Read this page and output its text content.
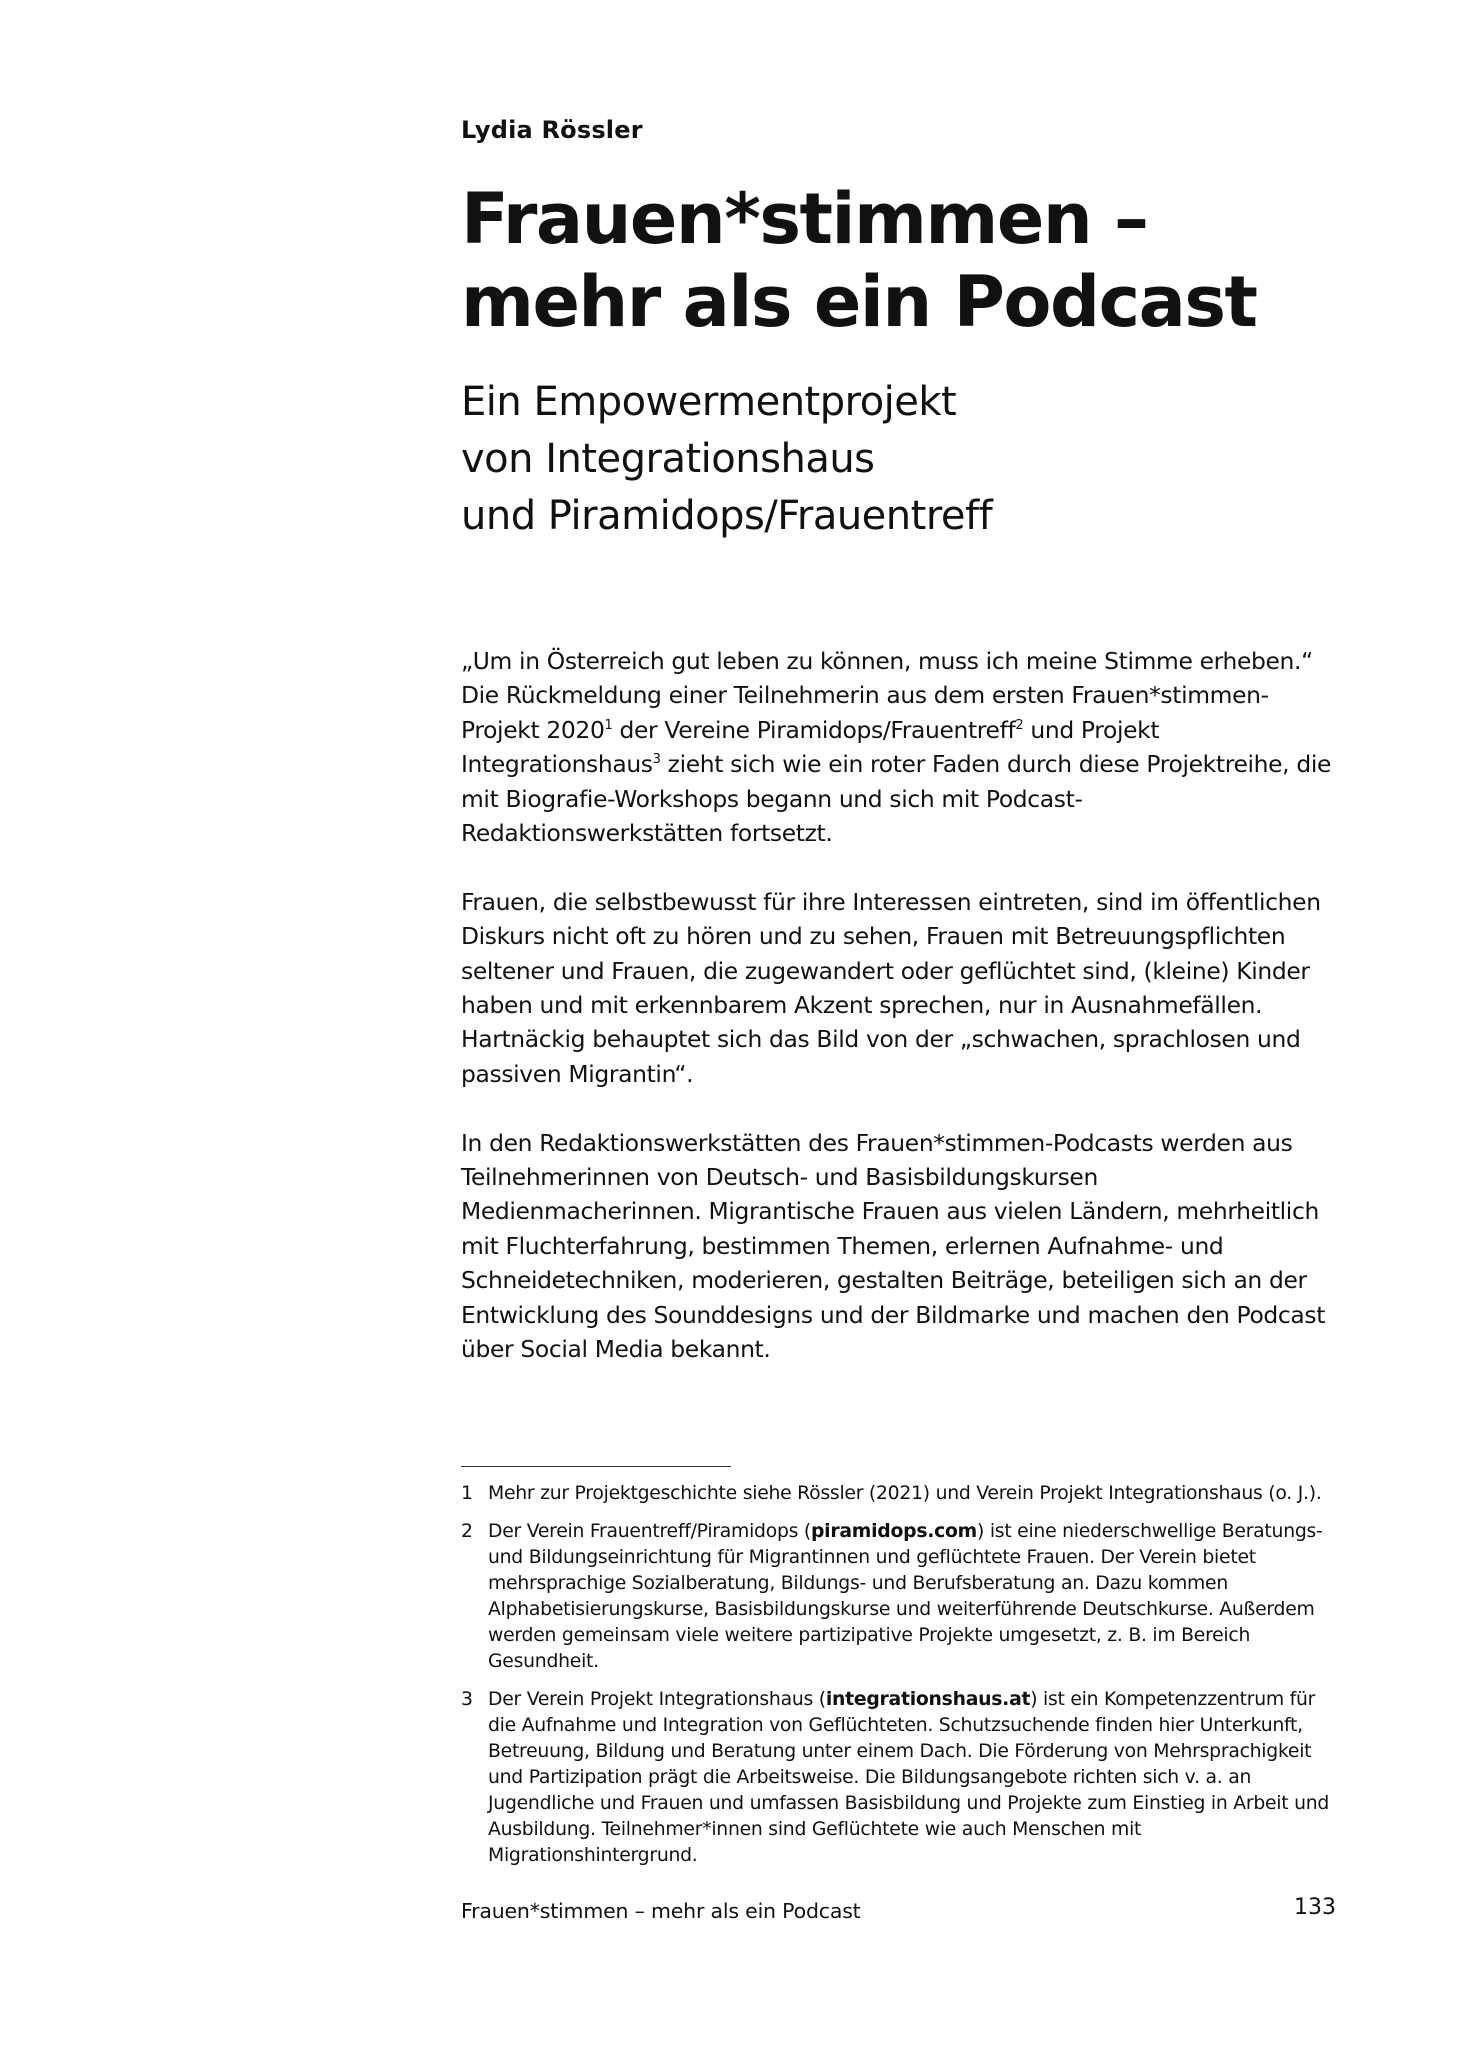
Lydia Rössler
Frauen*stimmen –
mehr als ein Podcast
Ein Empowermentprojekt
von Integrationshaus
und Piramidops/Frauentreff

„Um in Österreich gut leben zu können, muss ich meine Stimme erheben.“ Die Rückmeldung einer Teilnehmerin aus dem ersten Frauen*stimmen-Projekt 2020$^1$ der Vereine Piramidops/Frauentreff$^2$ und Projekt Integrationshaus$^3$ zieht sich wie ein roter Faden durch diese Projektreihe, die mit Biografie-Workshops begann und sich mit Podcast-Redaktionswerkstätten fortsetzt.

Frauen, die selbstbewusst für ihre Interessen eintreten, sind im öffentlichen Diskurs nicht oft zu hören und zu sehen, Frauen mit Betreuungspflichten seltener und Frauen, die zugewandert oder geflüchtet sind, (kleine) Kinder haben und mit erkennbarem Akzent sprechen, nur in Ausnahmefällen. Hartnäckig behauptet sich das Bild von der „schwachen, sprachlosen und passiven Migrantin“.

In den Redaktionswerkstätten des Frauen*stimmen-Podcasts werden aus Teilnehmerinnen von Deutsch- und Basisbildungskursen Medienmacherinnen. Migrantische Frauen aus vielen Ländern, mehrheitlich mit Fluchterfahrung, bestimmen Themen, erlernen Aufnahme- und Schneidetechniken, moderieren, gestalten Beiträge, beteiligen sich an der Entwicklung des Sounddesigns und der Bildmarke und machen den Podcast über Social Media bekannt.

1 Mehr zur Projektgeschichte siehe Rössler (2021) und Verein Projekt Integrationshaus (o. J.).
2 Der Verein Frauentreff/Piramidops (piramidops.com) ist eine niederschwellige Beratungs- und Bildungseinrichtung für Migrantinnen und geflüchtete Frauen. Der Verein bietet mehrsprachige Sozialberatung, Bildungs- und Berufsberatung an. Dazu kommen Alphabetisierungskurse, Basisbildungskurse und weiterführende Deutschkurse. Außerdem werden gemeinsam viele weitere partizipative Projekte umgesetzt, z. B. im Bereich Gesundheit.
3 Der Verein Projekt Integrationshaus (integrationshaus.at) ist ein Kompetenzzentrum für die Aufnahme und Integration von Geflüchteten. Schutzsuchende finden hier Unterkunft, Betreuung, Bildung und Beratung unter einem Dach. Die Förderung von Mehrsprachigkeit und Partizipation prägt die Arbeitsweise. Die Bildungsangebote richten sich v. a. an Jugendliche und Frauen und umfassen Basisbildung und Projekte zum Einstieg in Arbeit und Ausbildung. Teilnehmer*innen sind Geflüchtete wie auch Menschen mit Migrationshintergrund.
Frauen*stimmen – mehr als ein Podcast	133
